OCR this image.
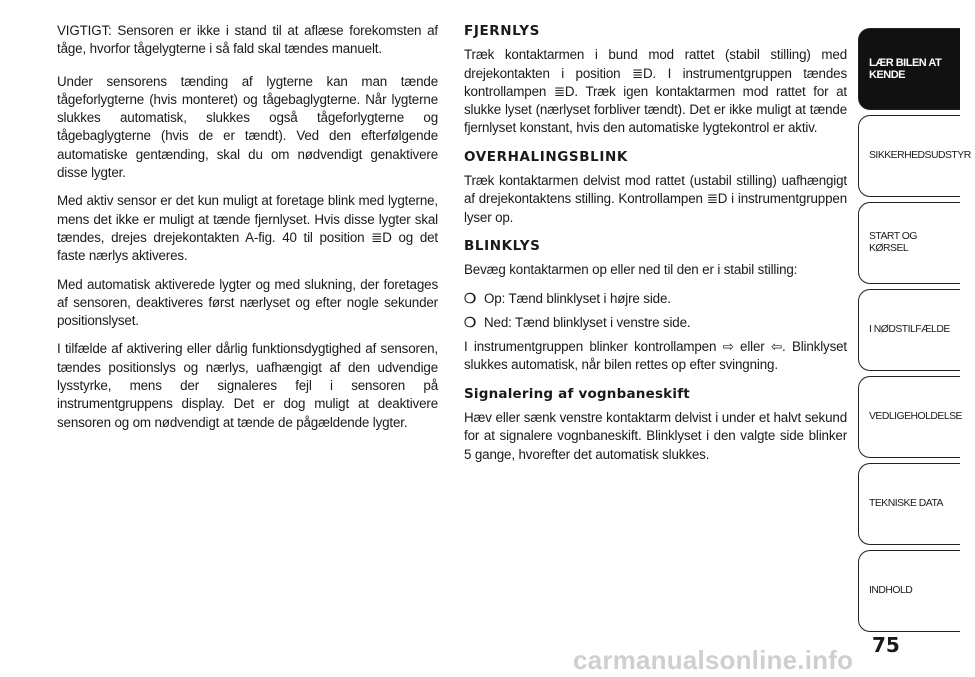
VIGTIGT: Sensoren er ikke i stand til at aflæse forekomsten af tåge, hvorfor tågelygterne i så fald skal tændes manuelt.

Under sensorens tænding af lygterne kan man tænde tågeforlygterne (hvis monteret) og tågebaglygterne. Når lygterne slukkes automatisk, slukkes også tågeforlygterne og tågebaglygterne (hvis de er tændt). Ved den efterfølgende automatiske gentænding, skal du om nødvendigt genaktivere disse lygter.

Med aktiv sensor er det kun muligt at foretage blink med lygterne, mens det ikke er muligt at tænde fjernlyset. Hvis disse lygter skal tændes, drejes drejekontakten A-fig. 40 til position ≣D og det faste nærlys aktiveres.

Med automatisk aktiverede lygter og med slukning, der foretages af sensoren, deaktiveres først nærlyset og efter nogle sekunder positionslyset.

I tilfælde af aktivering eller dårlig funktionsdygtighed af sensoren, tændes positionslys og nærlys, uafhængigt af den udvendige lysstyrke, mens der signaleres fejl i sensoren på instrumentgruppens display. Det er dog muligt at deaktivere sensoren og om nødvendigt at tænde de pågældende lygter.

FJERNLYS

Træk kontaktarmen i bund mod rattet (stabil stilling) med drejekontakten i position ≣D. I instrumentgruppen tændes kontrollampen ≣D. Træk igen kontaktarmen mod rattet for at slukke lyset (nærlyset forbliver tændt). Det er ikke muligt at tænde fjernlyset konstant, hvis den automatiske lygtekontrol er aktiv.

OVERHALINGSBLINK

Træk kontaktarmen delvist mod rattet (ustabil stilling) uafhængigt af drejekontaktens stilling. Kontrollampen ≣D i instrumentgruppen lyser op.

BLINKLYS

Bevæg kontaktarmen op eller ned til den er i stabil stilling:

❍ Op: Tænd blinklyset i højre side.
❍ Ned: Tænd blinklyset i venstre side.

I instrumentgruppen blinker kontrollampen ⇨ eller ⇦. Blinklyset slukkes automatisk, når bilen rettes op efter svingning.

Signalering af vognbaneskift

Hæv eller sænk venstre kontaktarm delvist i under et halvt sekund for at signalere vognbaneskift. Blinklyset i den valgte side blinker 5 gange, hvorefter det automatisk slukkes.

LÆR BILEN AT KENDE
SIKKERHEDSUDSTYR
START OG KØRSEL
I NØDSTILFÆLDE
VEDLIGEHOLDELSE
TEKNISKE DATA
INDHOLD
75
carmanualsonline.info
